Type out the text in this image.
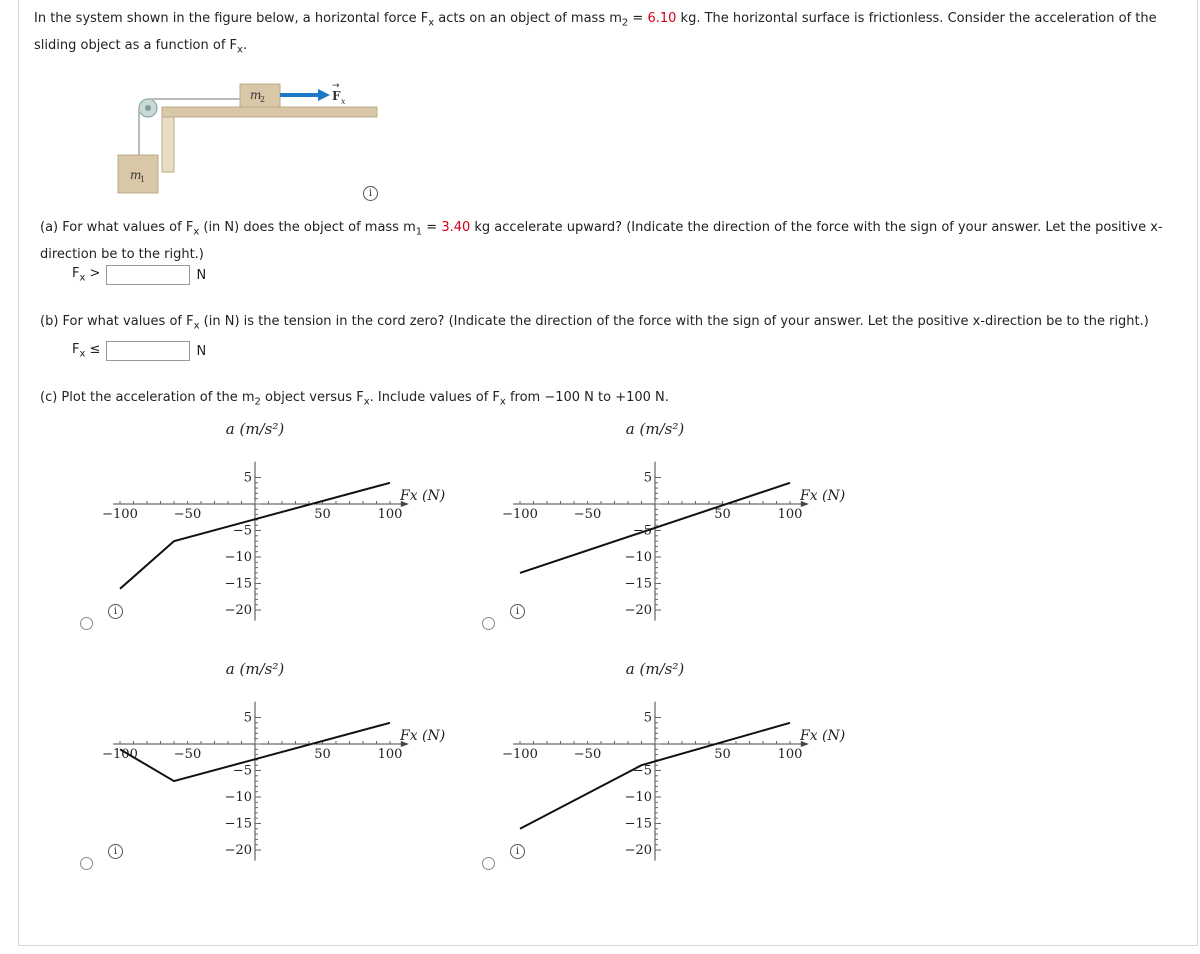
In the system shown in the figure below, a horizontal force $F_x$ acts on an object of mass $m_2 = 6.10$ kg. The horizontal surface is frictionless. Consider the acceleration of the sliding object as a function of $F_x$.
m
1
m
2	F x
→
i
(a) For what values of $F_x$ (in N) does the object of mass $m_1 = 3.40$ kg accelerate upward? (Indicate the direction of the force with the sign of your answer. Let the positive x-direction be to the right.)
$F_x$ >	N
(b) For what values of $F_x$ (in N) is the tension in the cord zero? (Indicate the direction of the force with the sign of your answer. Let the positive x-direction be to the right.)
$F_x$ ≤	N
(c) Plot the acceleration of the $m_2$ object versus $F_x$. Include values of $F_x$ from −100 N to +100 N.
−100	−50	50	100
5
−5
−10
−15
−20
a (m/s²)
Fx (N)
−100	−50	50	100
5
−5
−10
−15
−20
a (m/s²)
Fx (N)
−100	−50	50	100
5
−5
−10
−15
−20
a (m/s²)
Fx (N)
−100	−50	50	100
5
−5
−10
−15
−20
a (m/s²)
Fx (N)
i	i
i	i
